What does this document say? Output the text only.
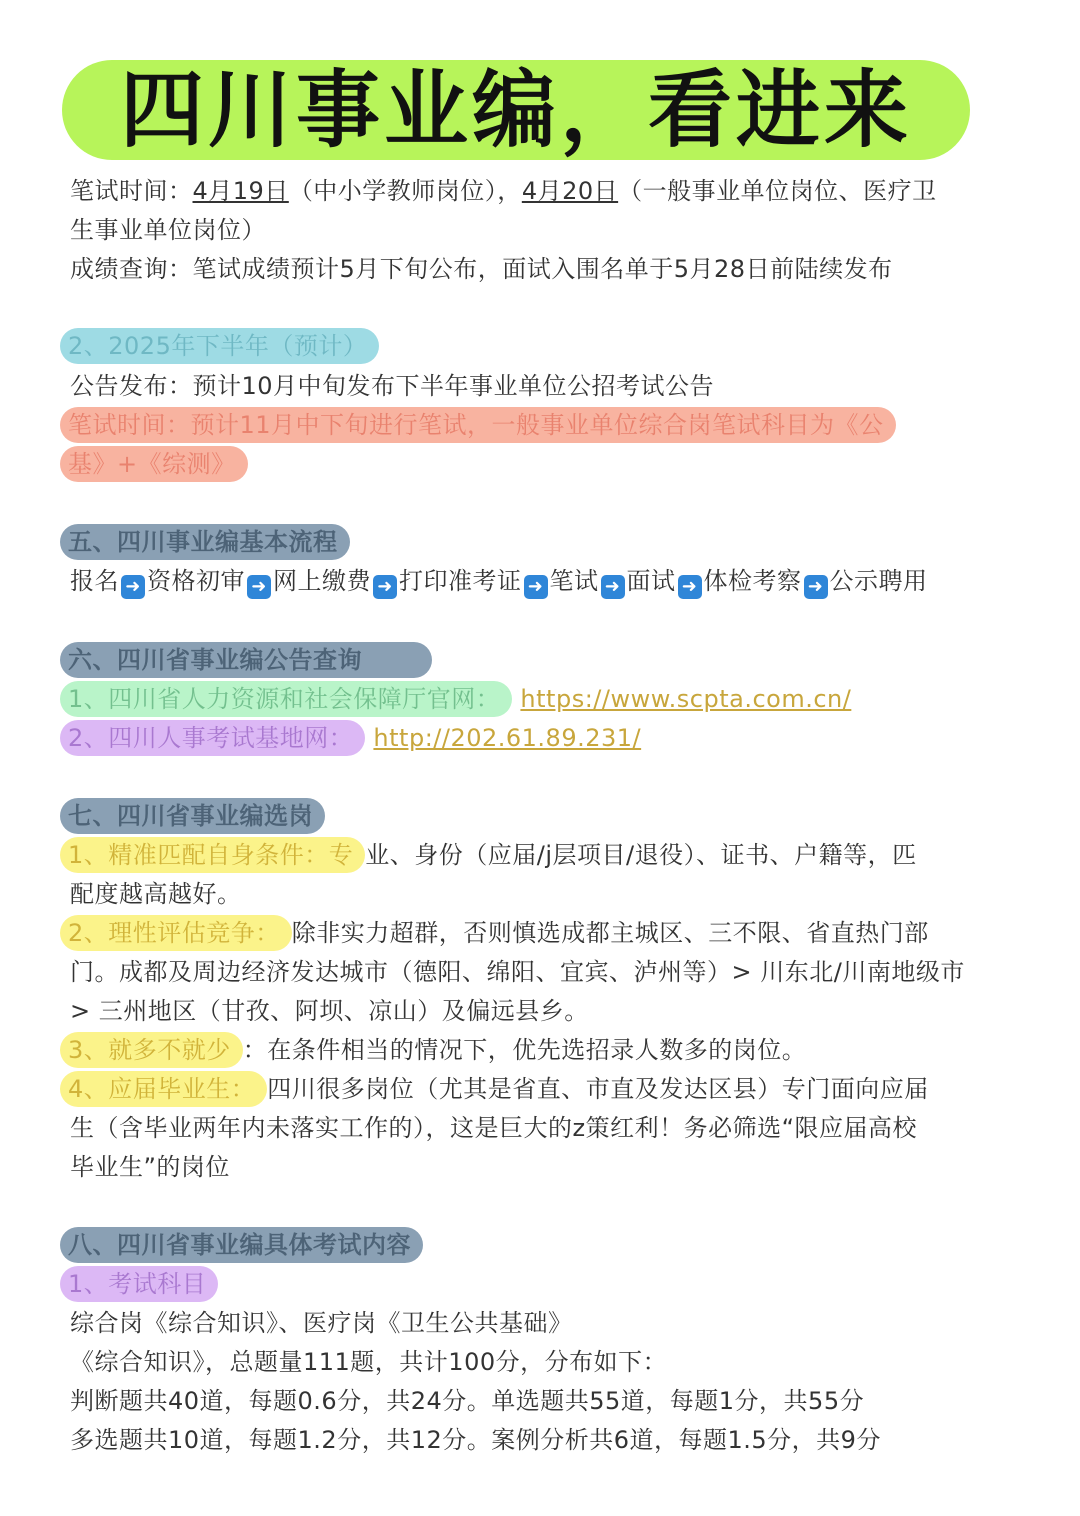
四川事业编，看进来
笔试时间：4月19日（中小学教师岗位），4月20日（一般事业单位岗位、医疗卫
生事业单位岗位）
成绩查询：笔试成绩预计5月下旬公布，面试入围名单于5月28日前陆续发布
2、2025年下半年（预计）
公告发布：预计10月中旬发布下半年事业单位公招考试公告
笔试时间：预计11月中下旬进行笔试，一般事业单位综合岗笔试科目为《公
基》+《综测》
五、四川事业编基本流程
报名 ➜ 资格初审 ➜ 网上缴费 ➜ 打印准考证 ➜ 笔试 ➜ 面试 ➜ 体检考察 ➜ 公示聘用
六、四川省事业编公告查询
1、四川省人力资源和社会保障厅官网： https://www.scpta.com.cn/
2、四川人事考试基地网： http://202.61.89.231/
七、四川省事业编选岗
1、精准匹配自身条件：专 业、身份（应届/j层项目/退役）、证书、户籍等，匹
配度越高越好。
2、理性评估竞争： 除非实力超群，否则慎选成都主城区、三不限、省直热门部
门。成都及周边经济发达城市（德阳、绵阳、宜宾、泸州等）> 川东北/川南地级市
> 三州地区（甘孜、阿坝、凉山）及偏远县乡。
3、就多不就少 ：在条件相当的情况下，优先选招录人数多的岗位。
4、应届毕业生： 四川很多岗位（尤其是省直、市直及发达区县）专门面向应届
生（含毕业两年内未落实工作的），这是巨大的z策红利！务必筛选“限应届高校
毕业生”的岗位
八、四川省事业编具体考试内容
1、考试科目
综合岗《综合知识》、医疗岗《卫生公共基础》
《综合知识》，总题量111题，共计100分，分布如下：
判断题共40道，每题0.6分，共24分。单选题共55道，每题1分，共55分
多选题共10道，每题1.2分，共12分。案例分析共6道，每题1.5分，共9分
